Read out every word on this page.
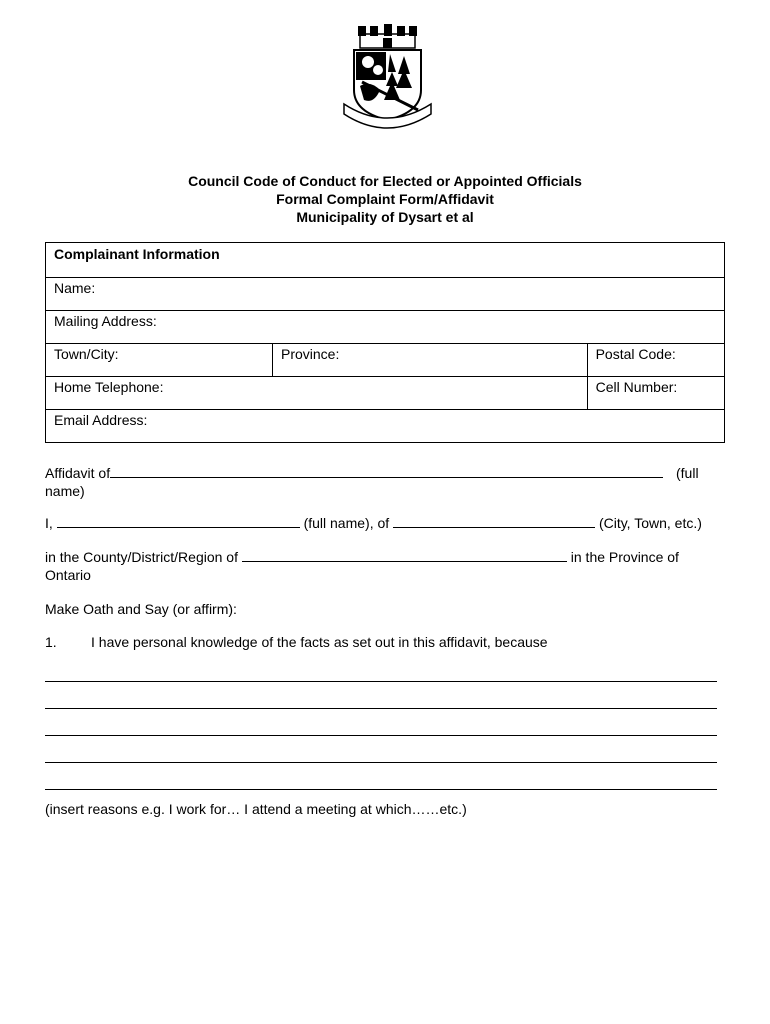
Council Code of Conduct for Elected or Appointed Officials
Formal Complaint Form/Affidavit
Municipality of Dysart et al
Complainant Information		
Name:		
Mailing Address:		
Town/City:	Province:	Postal Code:
Home Telephone:		Cell Number:
Email Address:		
Affidavit of	(full
name)
I,	(full name), of	(City, Town, etc.)
in the County/District/Region of	in the Province of
Ontario
Make Oath and Say (or affirm):
1. I have personal knowledge of the facts as set out in this affidavit, because
(insert reasons e.g. I work for… I attend a meeting at which……etc.)
